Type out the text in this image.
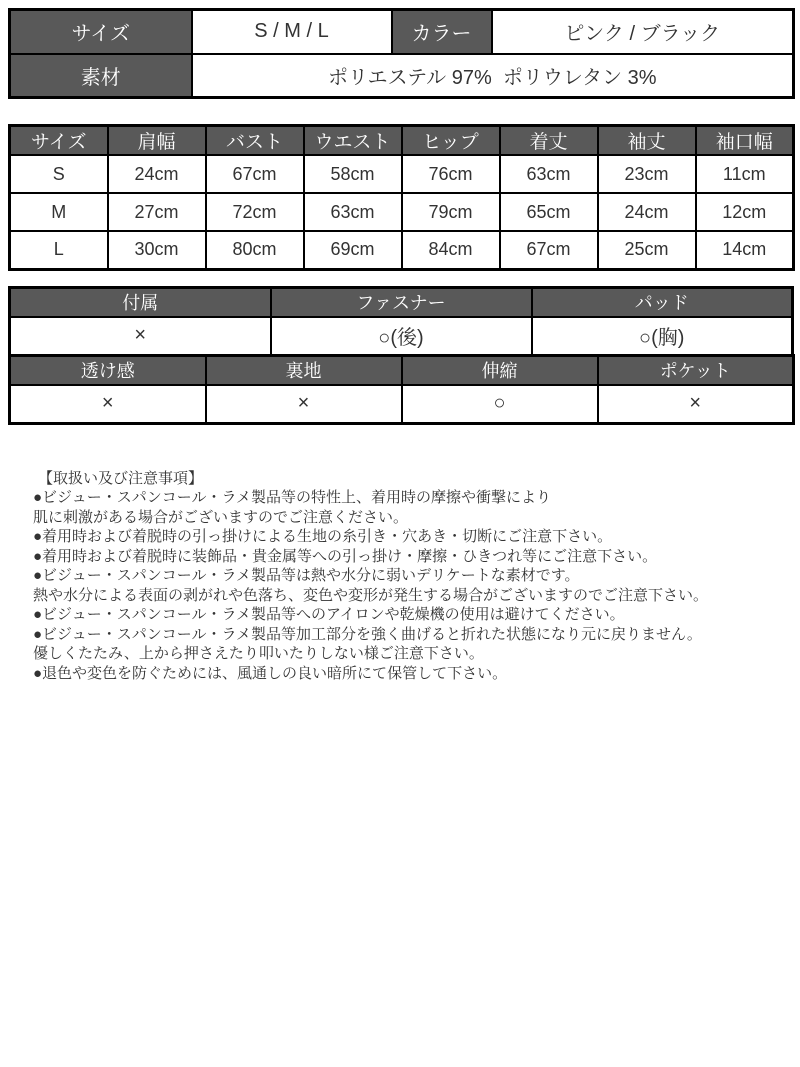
サイズ	S / M / L	カラー	ピンク / ブラック
素材	ポリエステル 97%  ポリウレタン 3%		
サイズ	肩幅	バスト	ウエスト	ヒップ	着丈	袖丈	袖口幅
S	24cm	67cm	58cm	76cm	63cm	23cm	11cm
M	27cm	72cm	63cm	79cm	65cm	24cm	12cm
L	30cm	80cm	69cm	84cm	67cm	25cm	14cm
付属	ファスナー	パッド
×	○(後)	○(胸)
透け感	裏地	伸縮	ポケット
×	×	○	×
【取扱い及び注意事項】
●ビジュー・スパンコール・ラメ製品等の特性上、着用時の摩擦や衝撃により
肌に刺激がある場合がございますのでご注意ください。
●着用時および着脱時の引っ掛けによる生地の糸引き・穴あき・切断にご注意下さい。
●着用時および着脱時に装飾品・貴金属等への引っ掛け・摩擦・ひきつれ等にご注意下さい。
●ビジュー・スパンコール・ラメ製品等は熱や水分に弱いデリケートな素材です。
熱や水分による表面の剥がれや色落ち、変色や変形が発生する場合がございますのでご注意下さい。
●ビジュー・スパンコール・ラメ製品等へのアイロンや乾燥機の使用は避けてください。
●ビジュー・スパンコール・ラメ製品等加工部分を強く曲げると折れた状態になり元に戻りません。
優しくたたみ、上から押さえたり叩いたりしない様ご注意下さい。
●退色や変色を防ぐためには、風通しの良い暗所にて保管して下さい。
